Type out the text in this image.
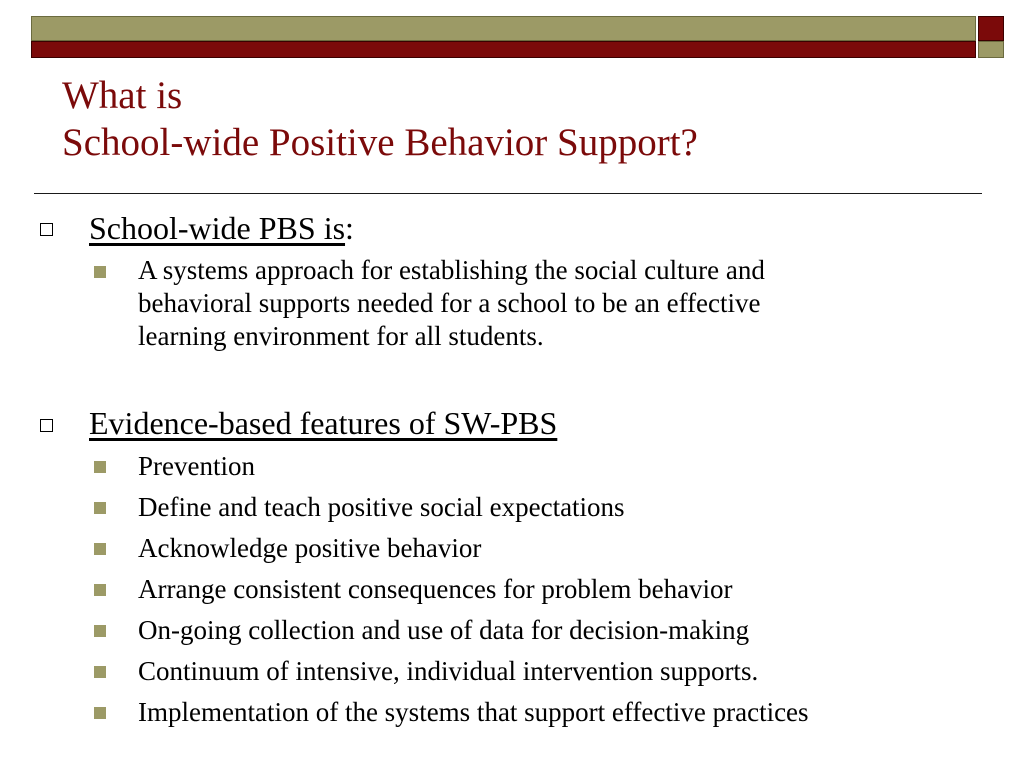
What is
School-wide Positive Behavior Support?
School-wide PBS is:
A systems approach for establishing the social culture and
behavioral supports needed for a school to be an effective
learning environment for all students.
Evidence-based features of SW-PBS
Prevention
Define and teach positive social expectations
Acknowledge positive behavior
Arrange consistent consequences for problem behavior
On-going collection and use of data for decision-making
Continuum of intensive, individual intervention supports.
Implementation of the systems that support effective practices
